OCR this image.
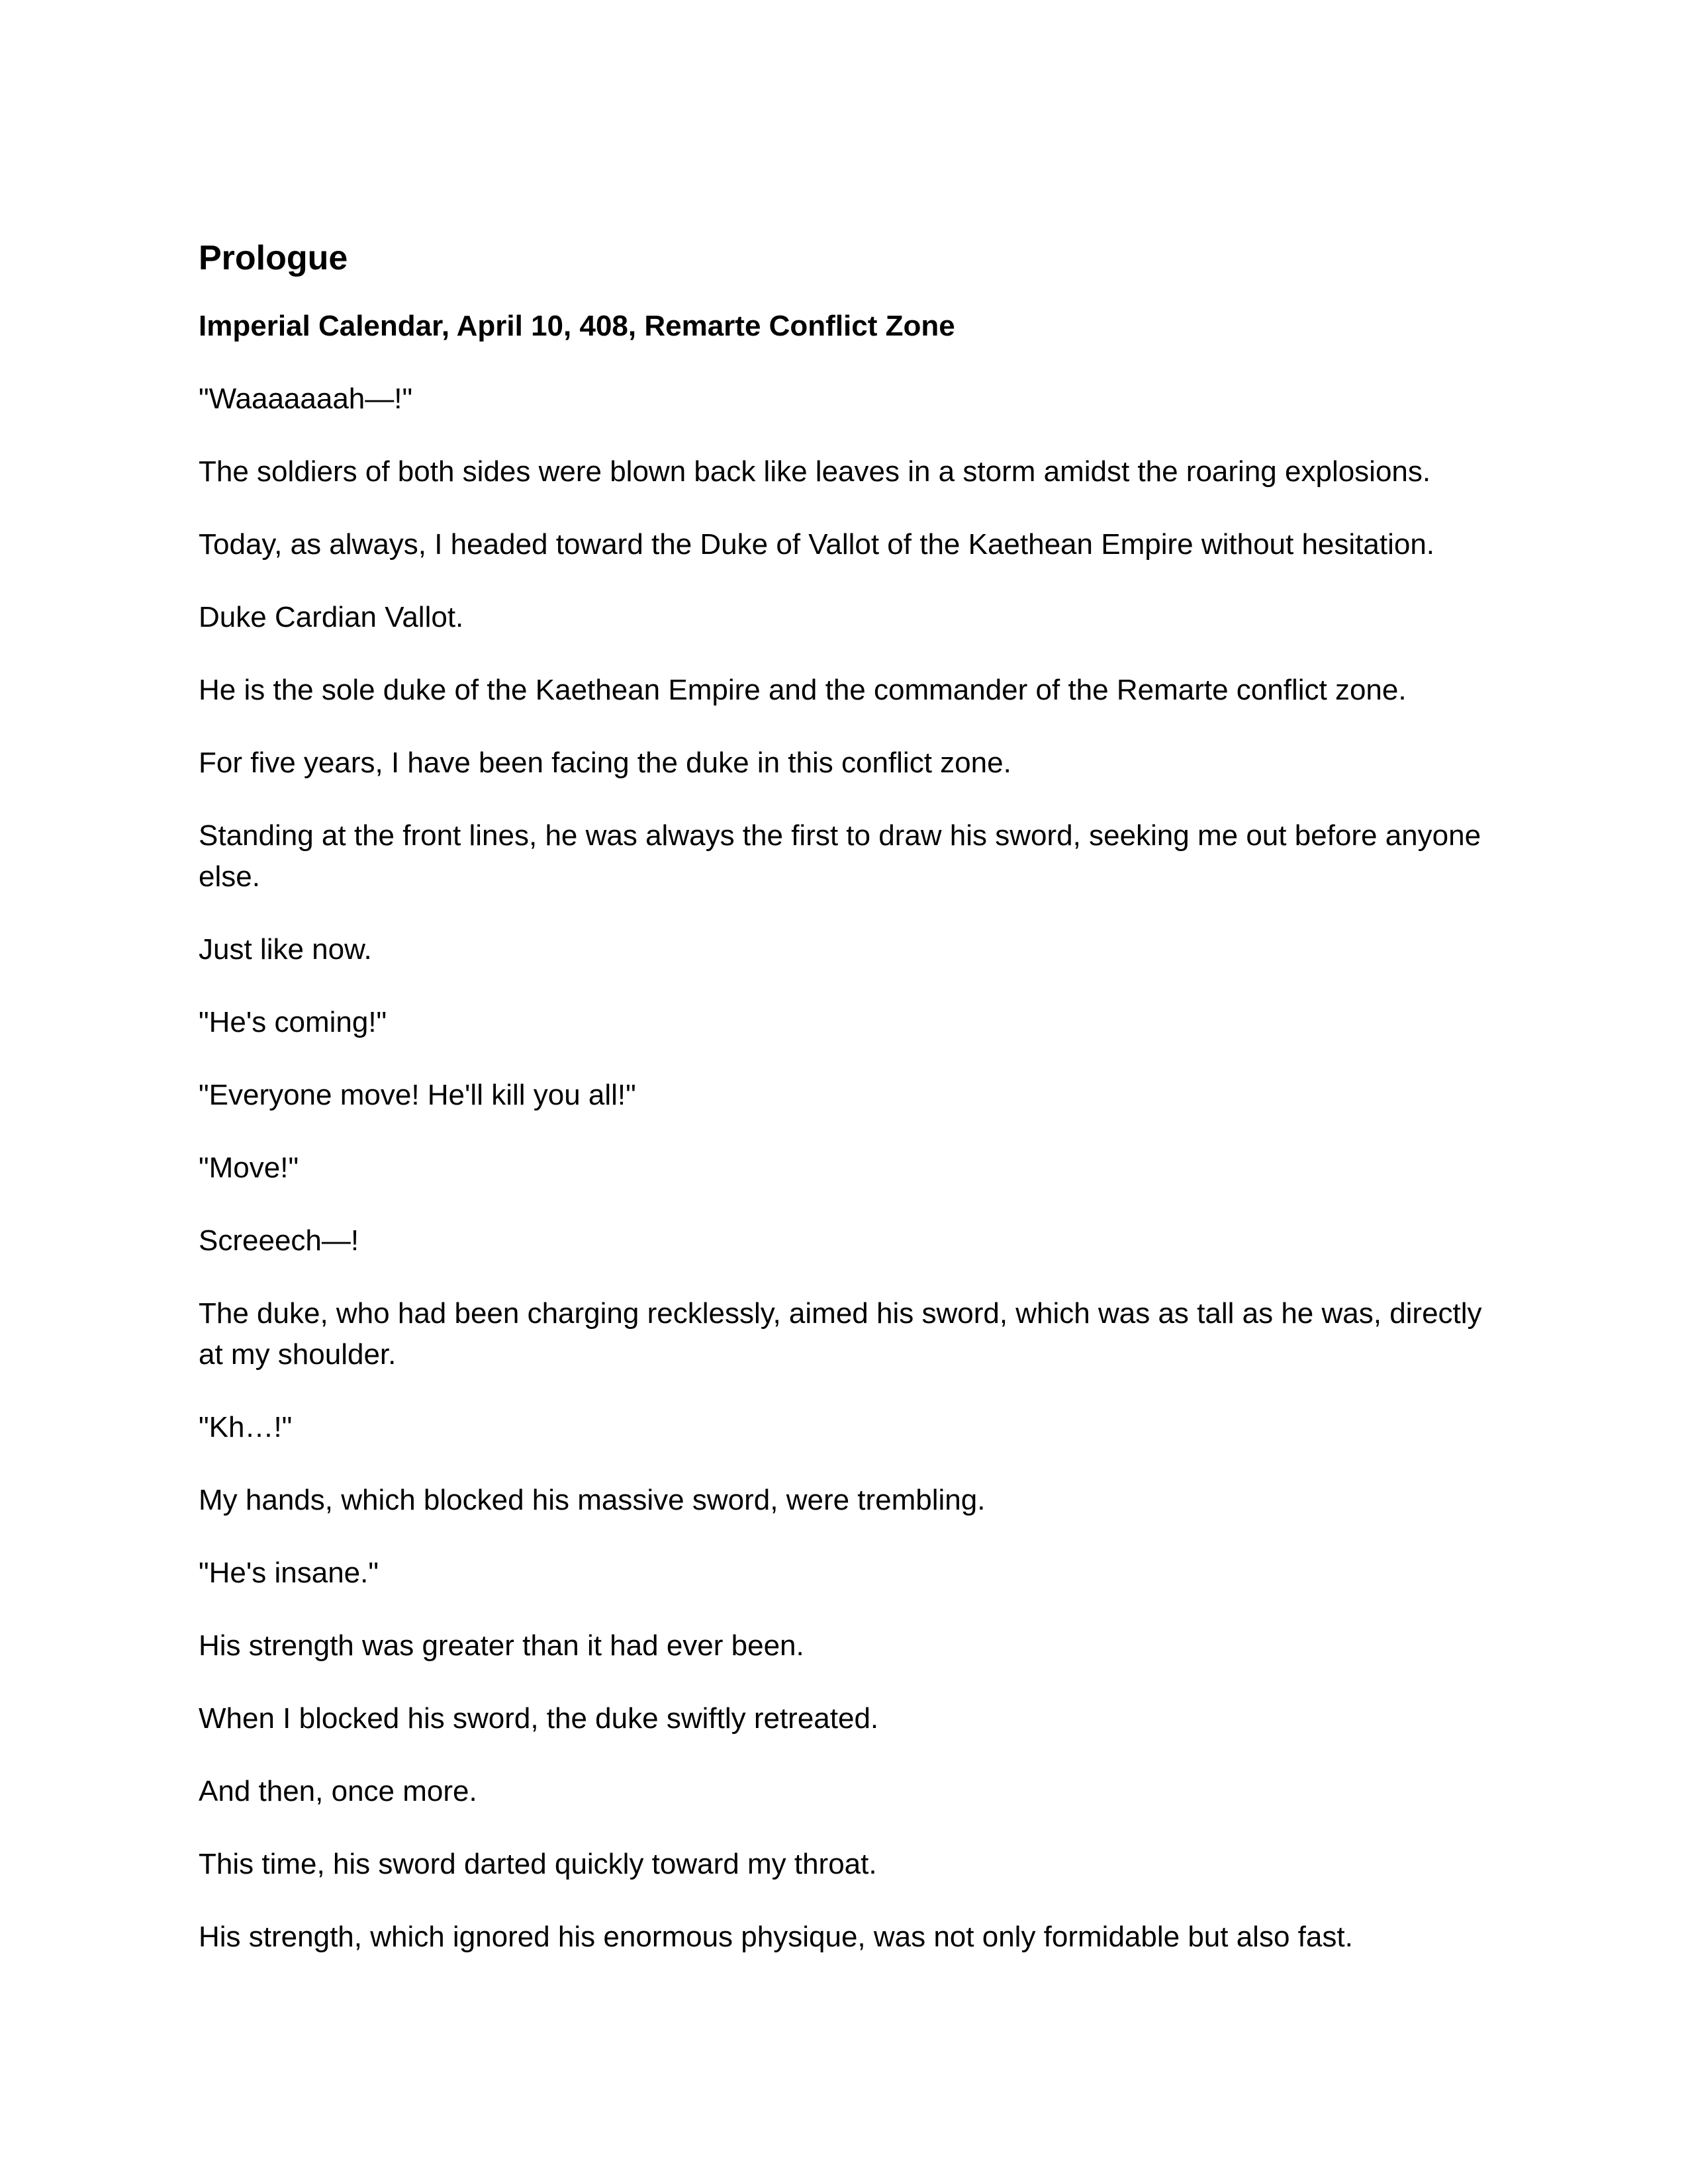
Prologue
Imperial Calendar, April 10, 408, Remarte Conflict Zone

"Waaaaaaah—!"

The soldiers of both sides were blown back like leaves in a storm amidst the roaring explosions.

Today, as always, I headed toward the Duke of Vallot of the Kaethean Empire without hesitation.

Duke Cardian Vallot.

He is the sole duke of the Kaethean Empire and the commander of the Remarte conflict zone.

For five years, I have been facing the duke in this conflict zone.

Standing at the front lines, he was always the first to draw his sword, seeking me out before anyone else.

Just like now.

"He's coming!"

"Everyone move! He'll kill you all!"

"Move!"

Screeech—!

The duke, who had been charging recklessly, aimed his sword, which was as tall as he was, directly at my shoulder.

"Kh…!"

My hands, which blocked his massive sword, were trembling.

"He's insane."

His strength was greater than it had ever been.

When I blocked his sword, the duke swiftly retreated.

And then, once more.

This time, his sword darted quickly toward my throat.

His strength, which ignored his enormous physique, was not only formidable but also fast.
